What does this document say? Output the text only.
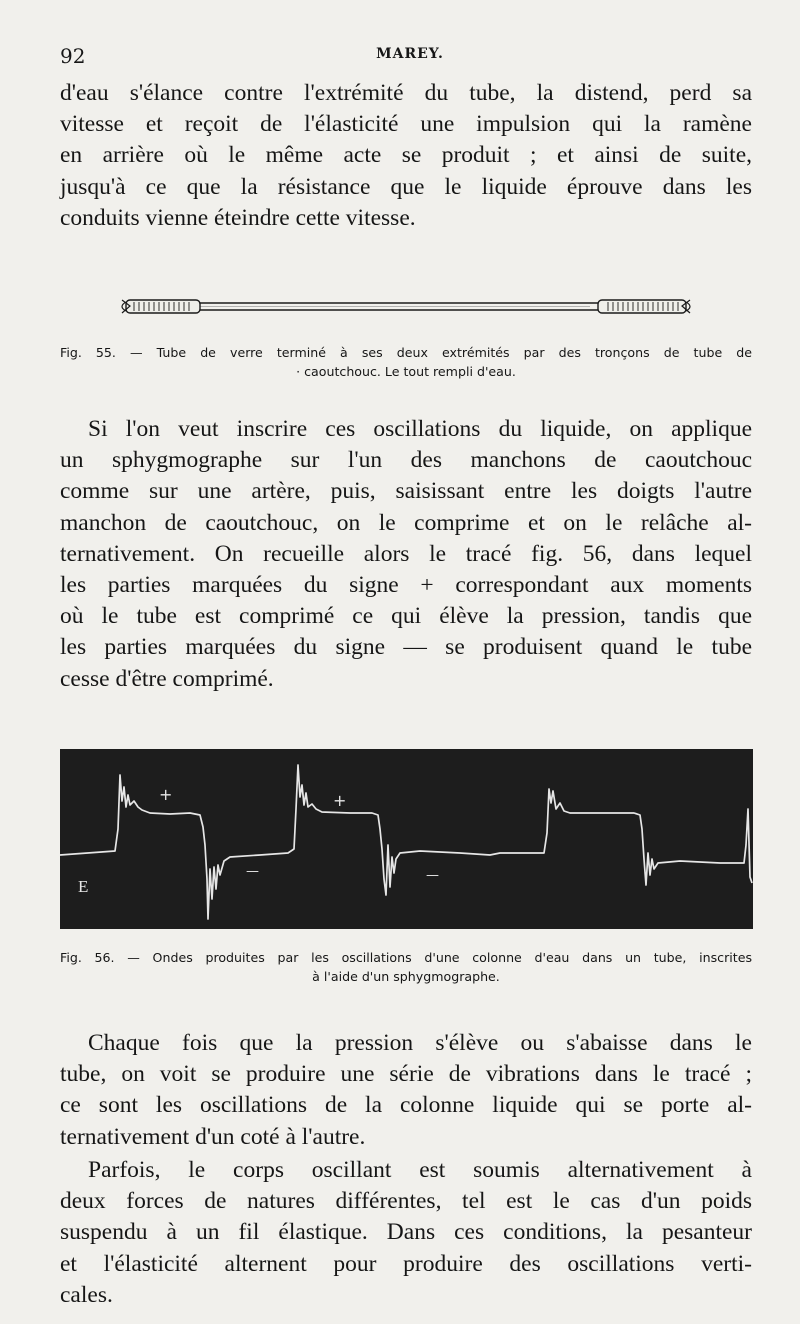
92	MAREY.

d'eau s'élance contre l'extrémité du tube, la distend, perd sa
vitesse et reçoit de l'élasticité une impulsion qui la ramène
en arrière où le même acte se produit ; et ainsi de suite,
jusqu'à ce que la résistance que le liquide éprouve dans les
conduits vienne éteindre cette vitesse.

Fig. 55. — Tube de verre terminé à ses deux extrémités par des tronçons de tube de
· caoutchouc. Le tout rempli d'eau.

Si l'on veut inscrire ces oscillations du liquide, on applique
un sphygmographe sur l'un des manchons de caoutchouc
comme sur une artère, puis, saisissant entre les doigts l'autre
manchon de caoutchouc, on le comprime et on le relâche al-
ternativement. On recueille alors le tracé fig. 56, dans lequel
les parties marquées du signe + correspondant aux moments
où le tube est comprimé ce qui élève la pression, tandis que
les parties marquées du signe — se produisent quand le tube
cesse d'être comprimé.

+	+
—	—
E

Fig. 56. — Ondes produites par les oscillations d'une colonne d'eau dans un tube, inscrites
à l'aide d'un sphygmographe.

Chaque fois que la pression s'élève ou s'abaisse dans le
tube, on voit se produire une série de vibrations dans le tracé ;
ce sont les oscillations de la colonne liquide qui se porte al-
ternativement d'un coté à l'autre.

Parfois, le corps oscillant est soumis alternativement à
deux forces de natures différentes, tel est le cas d'un poids
suspendu à un fil élastique. Dans ces conditions, la pesanteur
et l'élasticité alternent pour produire des oscillations verti-
cales.
